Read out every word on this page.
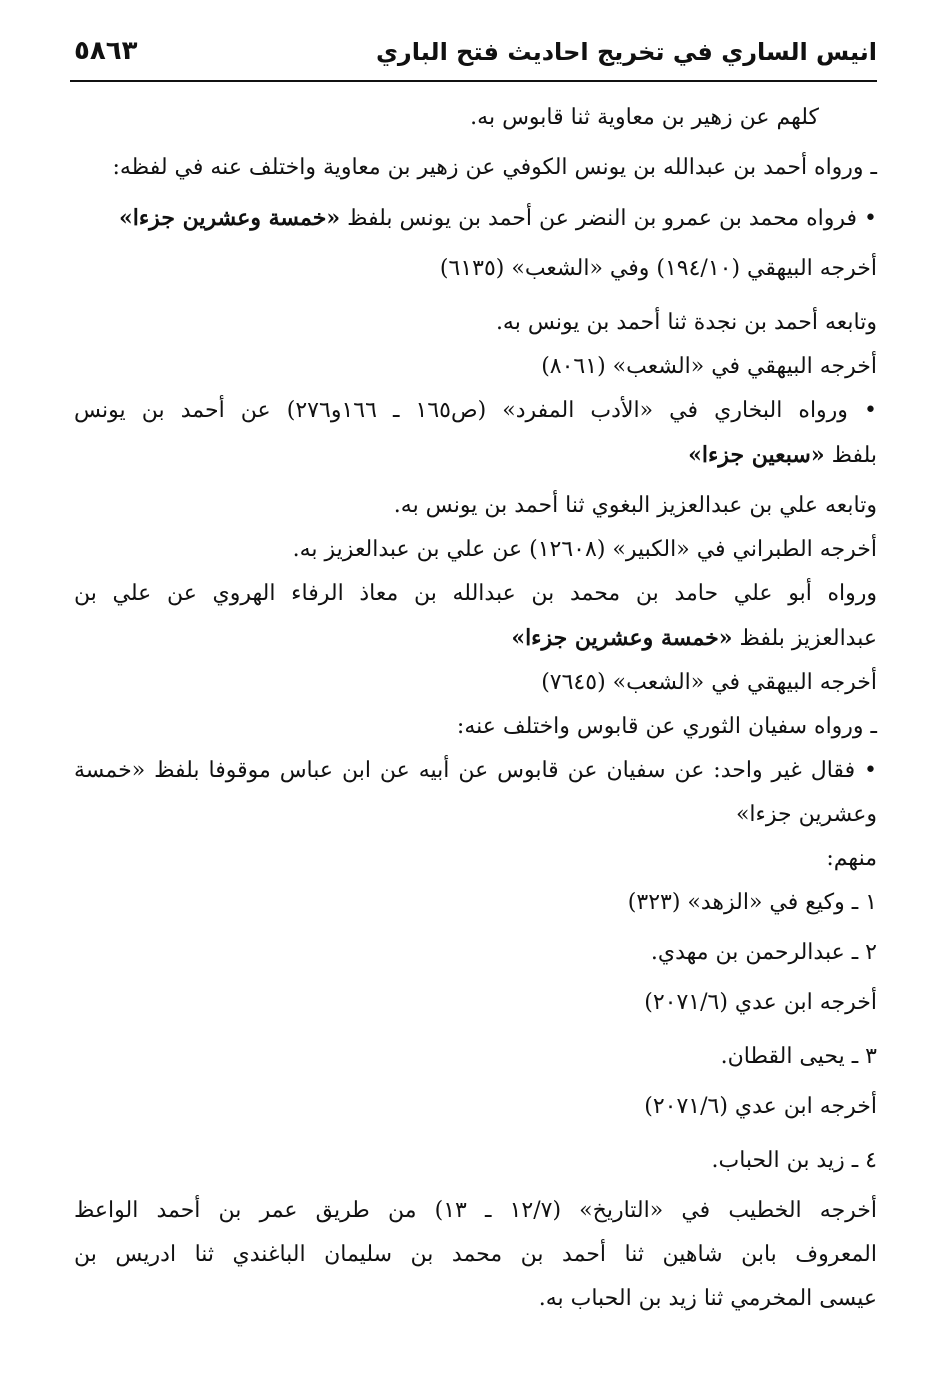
انيس الساري في تخريج احاديث فتح الباري
٥٨٦٣
كلهم عن زهير بن معاوية ثنا قابوس به.
ـ ورواه أحمد بن عبدالله بن يونس الكوفي عن زهير بن معاوية واختلف عنه في لفظه:
• فرواه محمد بن عمرو بن النضر عن أحمد بن يونس بلفظ «خمسة وعشرين جزءا»
أخرجه البيهقي (١٩٤/١٠) وفي «الشعب» (٦١٣٥)
وتابعه أحمد بن نجدة ثنا أحمد بن يونس به.
أخرجه البيهقي في «الشعب» (٨٠٦١)
• ورواه البخاري في «الأدب المفرد» (ص١٦٥ ـ ١٦٦و٢٧٦) عن أحمد بن يونس
بلفظ «سبعين جزءا»
وتابعه علي بن عبدالعزيز البغوي ثنا أحمد بن يونس به.
أخرجه الطبراني في «الكبير» (١٢٦٠٨) عن علي بن عبدالعزيز به.
ورواه أبو علي حامد بن محمد بن عبدالله بن معاذ الرفاء الهروي عن علي بن
عبدالعزيز بلفظ «خمسة وعشرين جزءا»
أخرجه البيهقي في «الشعب» (٧٦٤٥)
ـ ورواه سفيان الثوري عن قابوس واختلف عنه:
• فقال غير واحد: عن سفيان عن قابوس عن أبيه عن ابن عباس موقوفا بلفظ «خمسة
وعشرين جزءا»
منهم:
١ ـ وكيع في «الزهد» (٣٢٣)
٢ ـ عبدالرحمن بن مهدي.
أخرجه ابن عدي (٢٠٧١/٦)
٣ ـ يحيى القطان.
أخرجه ابن عدي (٢٠٧١/٦)
٤ ـ زيد بن الحباب.
أخرجه الخطيب في «التاريخ» (١٢/٧ ـ ١٣) من طريق عمر بن أحمد الواعظ
المعروف بابن شاهين ثنا أحمد بن محمد بن سليمان الباغندي ثنا ادريس بن
عيسى المخرمي ثنا زيد بن الحباب به.
